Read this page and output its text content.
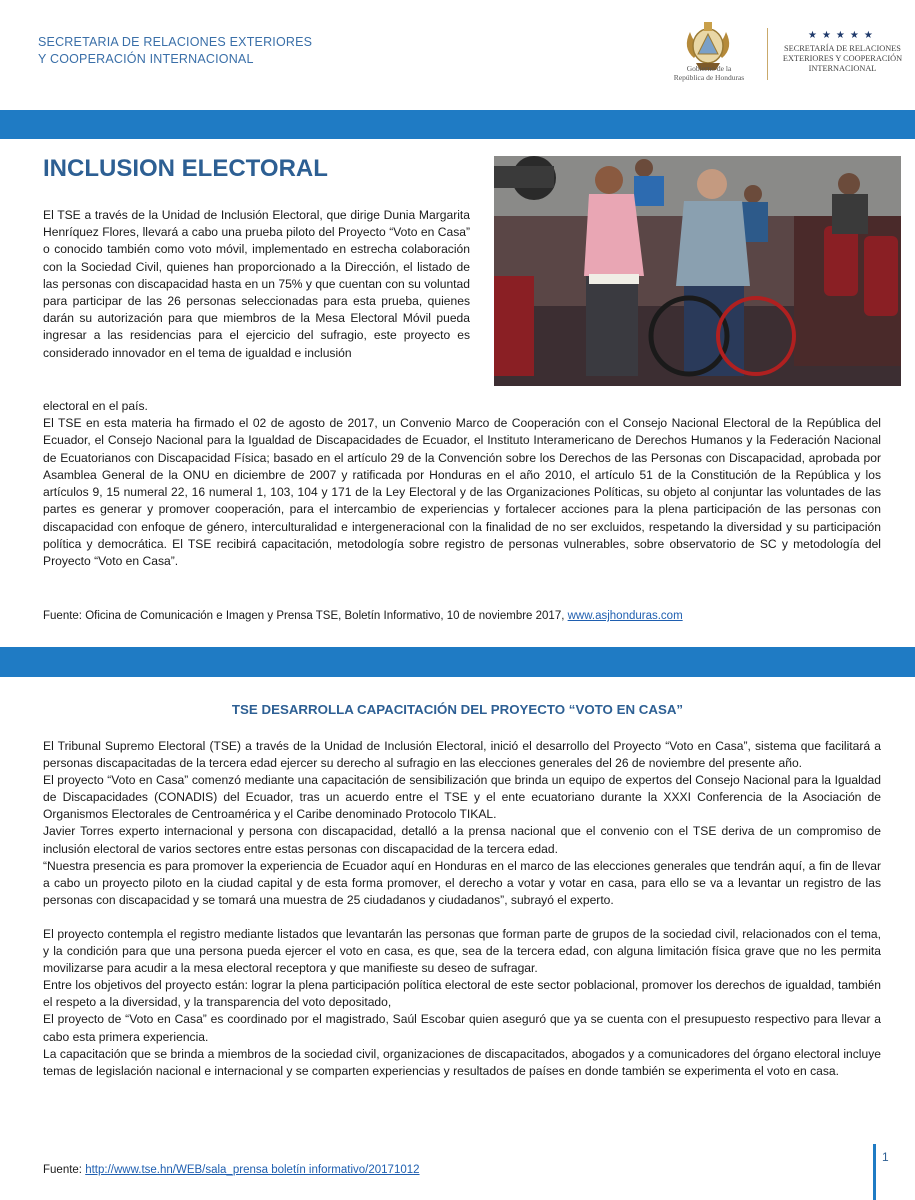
SECRETARIA DE RELACIONES EXTERIORES
Y COOPERACIÓN INTERNACIONAL
Gobierno de la
República de Honduras
★★★★★
SECRETARÍA DE RELACIONES
EXTERIORES Y COOPERACIÓN
INTERNACIONAL
INCLUSION ELECTORAL

El TSE a través de la Unidad de Inclusión Electoral, que dirige Dunia Margarita Henríquez Flores, llevará a cabo una prueba piloto del Proyecto “Voto en Casa” o conocido también como voto móvil, implementado en estrecha colaboración con la Sociedad Civil, quienes han proporcionado a la Dirección, el listado de las personas con discapacidad hasta en un 75% y que cuentan con su voluntad para participar de las 26 personas seleccionadas para esta prueba, quienes darán su autorización para que miembros de la Mesa Electoral Móvil pueda ingresar a las residencias para el ejercicio del sufragio, este proyecto es considerado innovador en el tema de igualdad e inclusión

electoral en el país.

El TSE en esta materia ha firmado el 02 de agosto de 2017, un Convenio Marco de Cooperación con el Consejo Nacional Electoral de la República del Ecuador, el Consejo Nacional para la Igualdad de Discapacidades de Ecuador, el Instituto Interamericano de Derechos Humanos y la Federación Nacional de Ecuatorianos con Discapacidad Física; basado en el artículo 29 de la Convención sobre los Derechos de las Personas con Discapacidad, aprobada por Asamblea General de la ONU en diciembre de 2007 y ratificada por Honduras en el año 2010, el artículo 51 de la Constitución de la República y los artículos 9, 15 numeral 22, 16 numeral 1, 103, 104 y 171 de la Ley Electoral y de las Organizaciones Políticas, su objeto al conjuntar las voluntades de las partes es generar y promover cooperación, para el intercambio de experiencias y fortalecer acciones para la plena participación de las personas con discapacidad con enfoque de género, interculturalidad e intergeneracional con la finalidad de no ser excluidos, respetando la diversidad y su participación política y democrática. El TSE recibirá capacitación, metodología sobre registro de personas vulnerables, sobre observatorio de SC y metodología del Proyecto “Voto en Casa”.

Fuente: Oficina de Comunicación e Imagen y Prensa TSE, Boletín Informativo, 10 de noviembre 2017, www.asjhonduras.com
TSE DESARROLLA CAPACITACIÓN DEL PROYECTO “VOTO EN CASA”

El Tribunal Supremo Electoral (TSE) a través de la Unidad de Inclusión Electoral, inició el desarrollo del Proyecto “Voto en Casa”, sistema que facilitará a personas discapacitadas de la tercera edad ejercer su derecho al sufragio en las elecciones generales del 26 de noviembre del presente año.

El proyecto “Voto en Casa” comenzó mediante una capacitación de sensibilización que brinda un equipo de expertos del Consejo Nacional para la Igualdad de Discapacidades (CONADIS) del Ecuador, tras un acuerdo entre el TSE y el ente ecuatoriano durante la XXXI Conferencia de la Asociación de Organismos Electorales de Centroamérica y el Caribe denominado Protocolo TIKAL.

Javier Torres experto internacional y persona con discapacidad, detalló a la prensa nacional que el convenio con el TSE deriva de un compromiso de inclusión electoral de varios sectores entre estas personas con discapacidad de la tercera edad.

“Nuestra presencia es para promover la experiencia de Ecuador aquí en Honduras en el marco de las elecciones generales que tendrán aquí, a fin de llevar a cabo un proyecto piloto en la ciudad capital y de esta forma promover, el derecho a votar y votar en casa, para ello se va a levantar un registro de las personas con discapacidad y se tomará una muestra de 25 ciudadanos y ciudadanos”, subrayó el experto.

El proyecto contempla el registro mediante listados que levantarán las personas que forman parte de grupos de la sociedad civil, relacionados con el tema, y la condición para que una persona pueda ejercer el voto en casa, es que, sea de la tercera edad, con alguna limitación física grave que no les permita movilizarse para acudir a la mesa electoral receptora y que manifieste su deseo de sufragar.

Entre los objetivos del proyecto están: lograr la plena participación política electoral de este sector poblacional, promover los derechos de igualdad, también el respeto a la diversidad, y la transparencia del voto depositado,

El proyecto de “Voto en Casa” es coordinado por el magistrado, Saúl Escobar quien aseguró que ya se cuenta con el presupuesto respectivo para llevar a cabo esta primera experiencia.

La capacitación que se brinda a miembros de la sociedad civil, organizaciones de discapacitados, abogados y a comunicadores del órgano electoral incluye temas de legislación nacional e internacional y se comparten experiencias y resultados de países en donde también se experimenta el voto en casa.

Fuente: http://www.tse.hn/WEB/sala_prensa boletín informativo/20171012
1
